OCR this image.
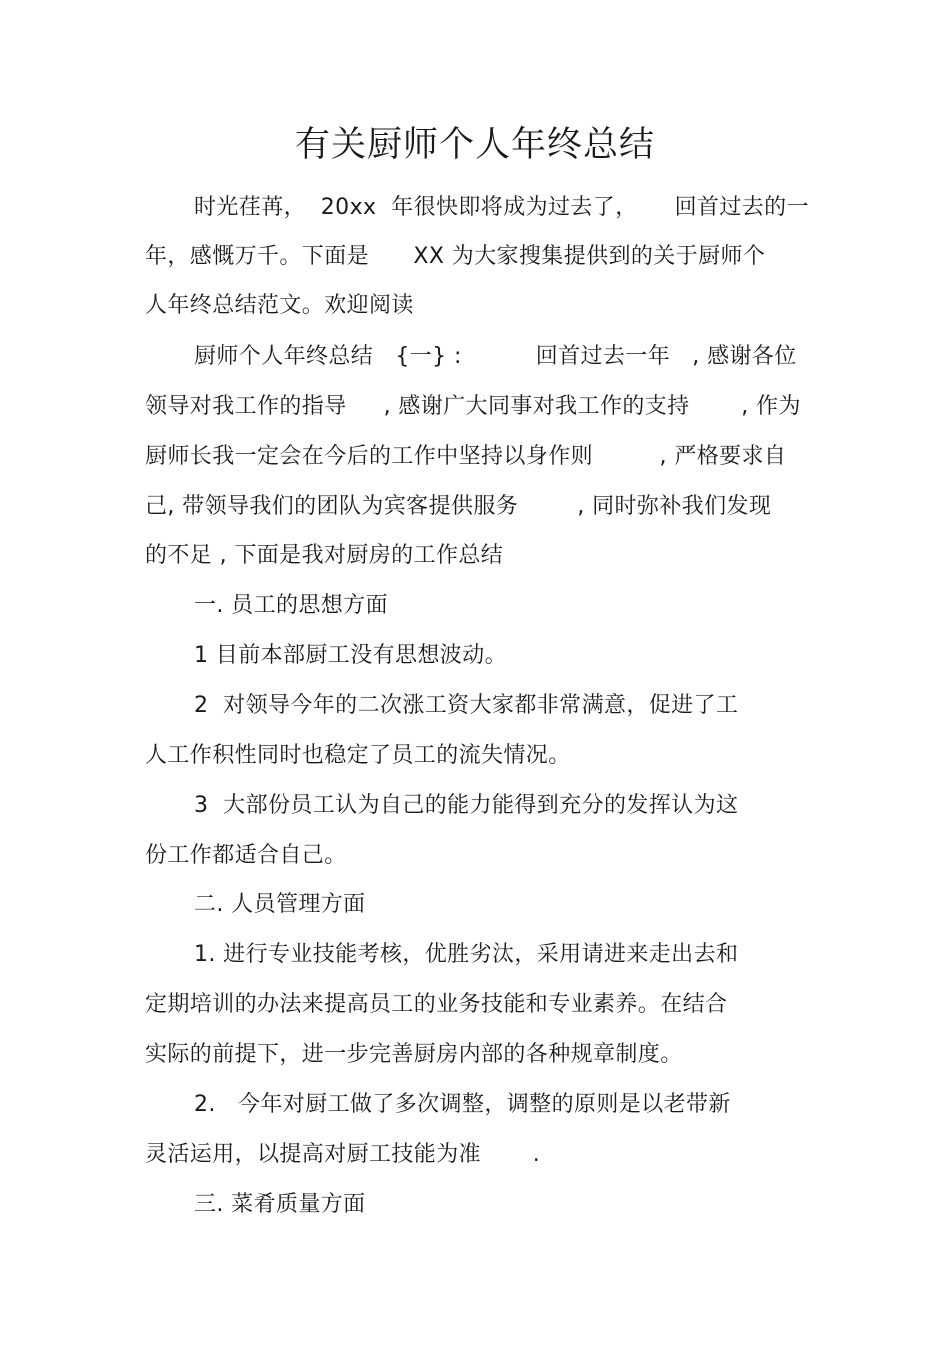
有关厨师个人年终总结
时光荏苒，  20xx  年很快即将成为过去了，     回首过去的一
年，感慨万千。下面是      XX 为大家搜集提供到的关于厨师个
人年终总结范文。欢迎阅读
厨师个人年终总结   {一} :          回首过去一年   , 感谢各位
领导对我工作的指导     , 感谢广大同事对我工作的支持       , 作为
厨师长我一定会在今后的工作中坚持以身作则         , 严格要求自
己, 带领导我们的团队为宾客提供服务        , 同时弥补我们发现
的不足 , 下面是我对厨房的工作总结
一. 员工的思想方面
1 目前本部厨工没有思想波动。
2  对领导今年的二次涨工资大家都非常满意，促进了工
人工作积性同时也稳定了员工的流失情况。
3  大部份员工认为自己的能力能得到充分的发挥认为这
份工作都适合自己。
二. 人员管理方面
1. 进行专业技能考核，优胜劣汰，采用请进来走出去和
定期培训的办法来提高员工的业务技能和专业素养。在结合
实际的前提下，进一步完善厨房内部的各种规章制度。
2.   今年对厨工做了多次调整，调整的原则是以老带新
灵活运用，以提高对厨工技能为准       .
三. 菜肴质量方面
